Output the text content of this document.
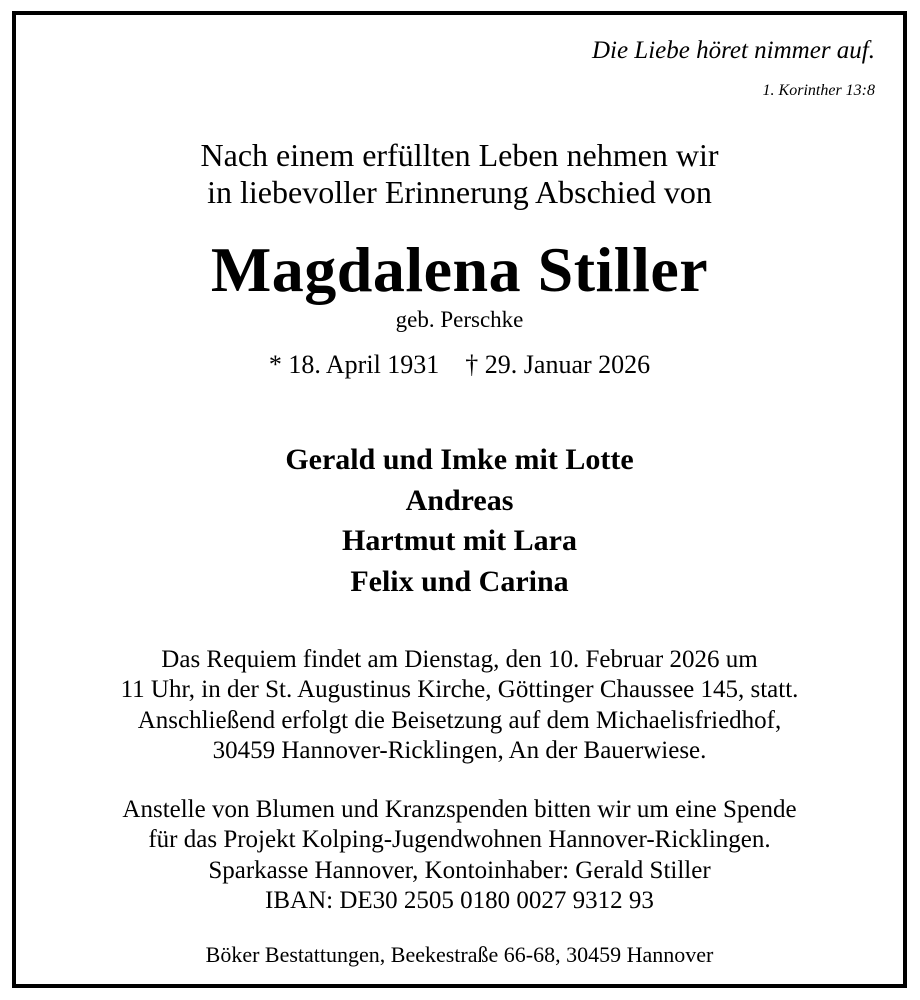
Die Liebe höret nimmer auf.
1. Korinther 13:8
Nach einem erfüllten Leben nehmen wir
in liebevoller Erinnerung Abschied von
Magdalena Stiller
geb. Perschke
* 18. April 1931 † 29. Januar 2026
Gerald und Imke mit Lotte
Andreas
Hartmut mit Lara
Felix und Carina
Das Requiem findet am Dienstag, den 10. Februar 2026 um
11 Uhr, in der St. Augustinus Kirche, Göttinger Chaussee 145, statt.
Anschließend erfolgt die Beisetzung auf dem Michaelisfriedhof,
30459 Hannover-Ricklingen, An der Bauerwiese.
Anstelle von Blumen und Kranzspenden bitten wir um eine Spende
für das Projekt Kolping-Jugendwohnen Hannover-Ricklingen.
Sparkasse Hannover, Kontoinhaber: Gerald Stiller
IBAN: DE30 2505 0180 0027 9312 93
Böker Bestattungen, Beekestraße 66-68, 30459 Hannover
